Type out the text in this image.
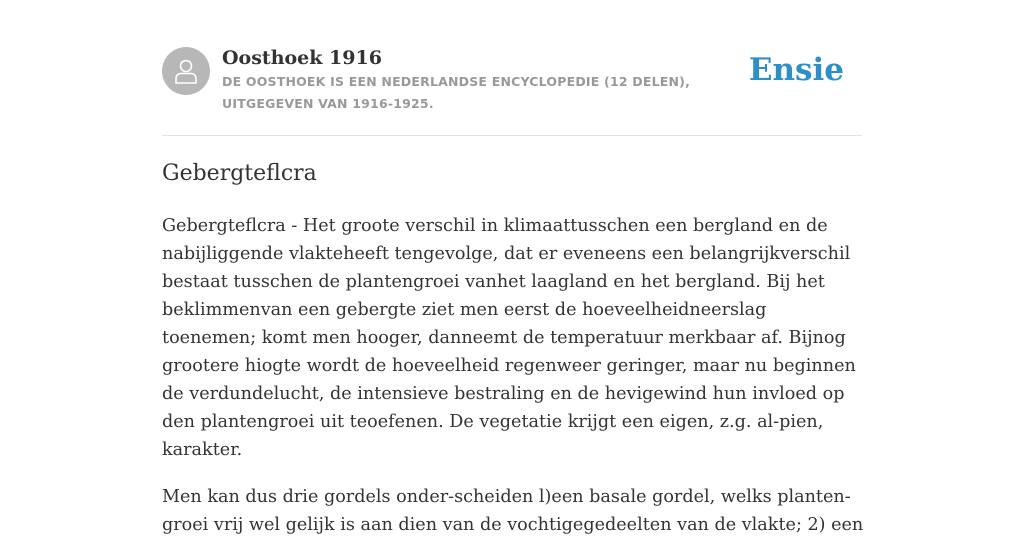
Oosthoek 1916

DE OOSTHOEK IS EEN NEDERLANDSE ENCYCLOPEDIE (12 DELEN), UITGEGEVEN VAN 1916-1925.

Ensie
Gebergteflcra

Gebergteflcra - Het groote verschil in klimaattusschen een bergland en de nabijliggende vlakteheeft tengevolge, dat er eveneens een belangrijkverschil bestaat tusschen de plantengroei vanhet laagland en het bergland. Bij het beklimmenvan een gebergte ziet men eerst de hoeveelheidneerslag toenemen; komt men hooger, danneemt de temperatuur merkbaar af. Bijnog grootere hiogte wordt de hoeveelheid regenweer geringer, maar nu beginnen de verdundelucht, de intensieve bestraling en de hevigewind hun invloed op den plantengroei uit teoefenen. De vegetatie krijgt een eigen, z.g. al-pien, karakter.

Men kan dus drie gordels onder-scheiden l)een basale gordel, welks planten-groei vrij wel gelijk is aan dien van de vochtigegedeelten van de vlakte; 2) een
